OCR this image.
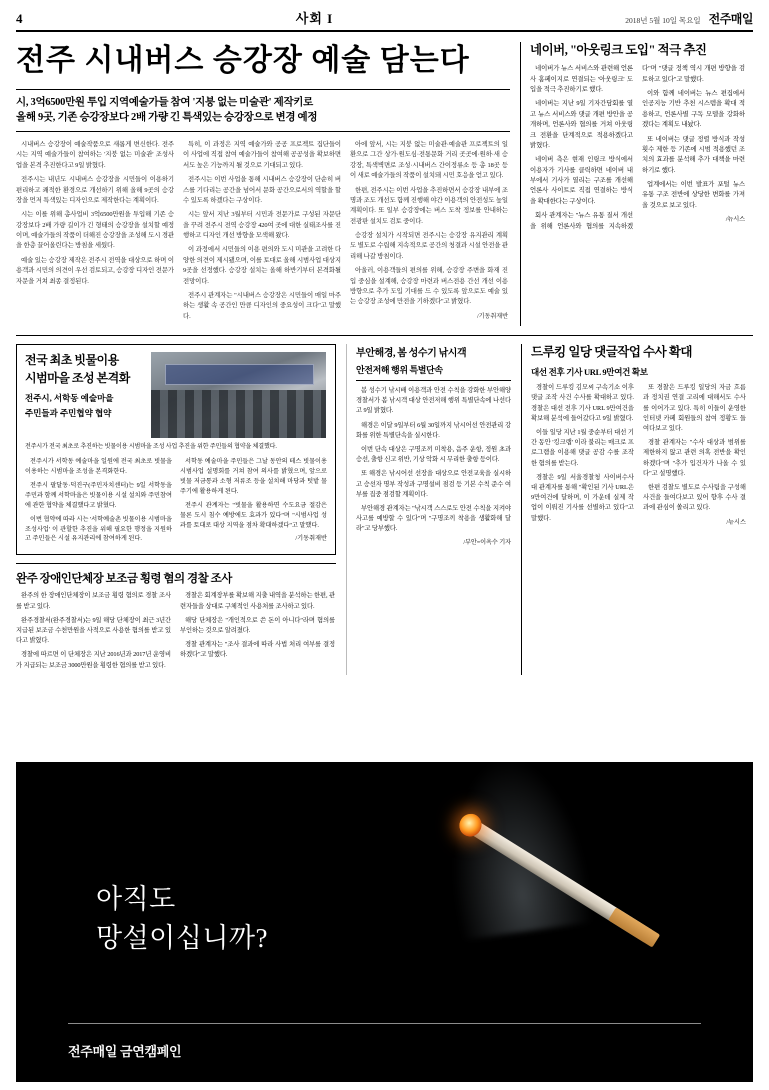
4	사회 I	2018년 5월 10일 목요일 전주매일
전주 시내버스 승강장 예술 담는다
시, 3억6500만원 투입 지역예술가들 참여 '지붕 없는 미술관' 제작키로
올해 9곳, 기존 승강장보다 2배 가량 긴 특색있는 승강장으로 변경 예정

시내버스 승강장이 예술작품으로 새롭게 변신한다. 전주시는 지역 예술가들이 참여하는 '지붕 없는 미술관' 조성사업을 본격 추진한다고 9일 밝혔다.

전주시는 내년도 시내버스 승강장을 시민들이 이용하기 편리하고 쾌적한 환경으로 개선하기 위해 올해 9곳의 승강장을 먼저 특색있는 디자인으로 제작한다는 계획이다.

시는 이를 위해 총사업비 3억6500만원을 투입해 기존 승강장보다 2배 가량 길이가 긴 형태의 승강장을 설치할 예정이며, 예술가들의 작품이 더해진 승강장을 조성해 도시 경관을 한층 끌어올린다는 방침을 세웠다.

예술 있는 승강장 제작은 전주시 전역을 대상으로 하며 이용객과 시민의 의견이 우선 검토되고, 승강장 디자인 전문가 자문을 거쳐 최종 결정된다.

특히, 이 과정은 지역 예술가와 공공 프로젝트 집단들이 이 사업에 직접 참여 예술가들이 참여해 공공성을 확보하면서도 높은 기능까지 될 것으로 기대되고 있다.

전주시는 이번 사업을 통해 시내버스 승강장이 단순히 버스를 기다리는 공간을 넘어서 문화 공간으로서의 역할을 할 수 있도록 하겠다는 구상이다.

시는 앞서 지난 3월부터 시민과 전문가로 구성된 자문단을 꾸려 전주시 전역 승강장 420여 곳에 대한 실태조사를 진행하고 디자인 개선 방향을 모색해 왔다.

이 과정에서 시민들의 이용 편의와 도시 미관을 고려한 다양한 의견이 제시됐으며, 이를 토대로 올해 시범사업 대상지 9곳을 선정했다. 승강장 설치는 올해 하반기부터 본격화될 전망이다.

전주시 관계자는 "시내버스 승강장은 시민들이 매일 마주하는 생활 속 공간인 만큼 디자인의 중요성이 크다"고 말했다.

아에 앞서, 시는 지붕 없는 미술관·예술관 프로젝트의 일환으로 그간 상가·원도심·전통문화 거리 곳곳에·원하·새 승강장, 특색벽면로 조성·시내버스 간이정류소 등 총 18곳 등이 새로 예술가들의 작품이 설치돼 시민 호응을 얻고 있다.

한편, 전주시는 이번 사업을 추진하면서 승강장 내부에 조명과 조도 개선도 함께 진행해 야간 이용객의 안전성도 높일 계획이다. 또 일부 승강장에는 버스 도착 정보를 안내하는 전광판 설치도 검토 중이다.

승강장 설치가 시작되면 전주시는 승강장 유지관리 계획도 별도로 수립해 지속적으로 공간의 청결과 시설 안전을 관리해 나갈 방침이다.

아울러, 이용객들의 편의를 위해, 승강장 주변을 화재 진입 중심을 설계해, 승강장 마련과 버스전용 간선 개선 이용 방향으로 추가 도입 기대를 드 수 있도록 앞으로도 예술 있는 승강장 조성에 만전을 기하겠다"고 밝혔다.

/기동취재반
네이버, "아웃링크 도입" 적극 추진

네이버가 뉴스 서비스와 관련해 언론사 홈페이지로 연결되는 '아웃링크' 도입을 적극 추진하기로 했다.

네이버는 지난 9일 기자간담회를 열고 뉴스 서비스와 댓글 개편 방안을 공개하며, 언론사와 협의를 거쳐 아웃링크 전환을 단계적으로 적용하겠다고 밝혔다.

네이버 측은 현재 인링크 방식에서 이용자가 기사를 클릭하면 네이버 내부에서 기사가 열리는 구조를 개선해 언론사 사이트로 직접 연결하는 방식을 확대한다는 구상이다.

회사 관계자는 "뉴스 유통 질서 개선을 위해 언론사와 협의를 지속하겠다"며 "댓글 정책 역시 개편 방향을 검토하고 있다"고 말했다.

이와 함께 네이버는 뉴스 편집에서 인공지능 기반 추천 시스템을 확대 적용하고, 언론사별 구독 모델을 강화하겠다는 계획도 내놨다.

또 네이버는 댓글 정렬 방식과 작성 횟수 제한 등 기존에 시범 적용했던 조치의 효과를 분석해 추가 대책을 마련하기로 했다.

업계에서는 이번 발표가 포털 뉴스 유통 구조 전반에 상당한 변화를 가져올 것으로 보고 있다.

/뉴시스

전국 최초 빗물이용
시범마을 조성 본격화
전주시, 서학동 예술마을
주민들과 주민협약 협약
전주시가 전국 최초로 추진하는 빗물이용 시범마을 조성 사업 추진을 위한 주민들의 협약을 체결했다.

전주시가 서학동 예술마을 일원에 전국 최초로 빗물을 이용하는 시범마을 조성을 본격화한다.

전주시 팔달동·덕진구(주민자치센터)는 9일 서학동을 주민과 함께 서학마을은 빗물이용 시설 설치와 주민참여에 관한 협약을 체결했다고 밝혔다.

이번 협약에 따라 시는 '서학예술촌 빗물이용 시범마을 조성사업' 이 관할한 추진을 위해 필요한 행정을 지원하고 주민들은 시설 유지관리에 참여하게 된다.

서학동 예술마을 주민들은 그날 동안의 테스 빗물이용 시범사업 설명회를 거쳐 참여 의사를 밝혔으며, 앞으로 빗물 저금통과 소형 저류조 등을 설치해 마당과 텃밭 물주기에 활용하게 된다.

전주시 관계자는 "빗물을 활용하면 수도요금 절감은 물론 도시 침수 예방에도 효과가 있다"며 "시범사업 성과를 토대로 대상 지역을 점차 확대하겠다"고 말했다.

/기동취재반

완주 장애인단체장 보조금 횡령 혐의 경찰 조사

완주의 한 장애인단체장이 보조금 횡령 혐의로 경찰 조사를 받고 있다.

완주경찰서(완주경찰서)는 9일 해당 단체장이 최근 3년간 지급된 보조금 수천만원을 사적으로 사용한 혐의를 받고 있다고 밝혔다.

경찰에 따르면 이 단체장은 지난 2016년과 2017년 운영비가 지급되는 보조금 3000만원을 횡령한 혐의를 받고 있다.

경찰은 회계장부를 확보해 지출 내역을 분석하는 한편, 관련자들을 상대로 구체적인 사용처를 조사하고 있다.

해당 단체장은 "개인적으로 쓴 돈이 아니다"라며 혐의를 부인하는 것으로 알려졌다.

경찰 관계자는 "조사 결과에 따라 사법 처리 여부를 결정하겠다"고 말했다.

부안해경, 봄 성수기 낚시객
안전저해 행위 특별단속

봄 성수기 낚시배 이용객과 안전 수칙을 강화한 부안해양경찰서가 봄 낚시객 대상 안전저해 행위 특별단속에 나선다고 9일 밝혔다.

해경은 이달 9일부터 6월 30일까지 낚시어선 안전관리 강화를 위한 특별단속을 실시한다.

이번 단속 대상은 구명조끼 미착용, 음주 운항, 정원 초과 승선, 출항 신고 위반, 기상 악화 시 무리한 출항 등이다.

또 해경은 낚시어선 선장을 대상으로 안전교육을 실시하고 승선자 명부 작성과 구명설비 점검 등 기본 수칙 준수 여부를 집중 점검할 계획이다.

부안해경 관계자는 "낚시객 스스로도 안전 수칙을 지켜야 사고를 예방할 수 있다"며 "구명조끼 착용을 생활화해 달라"고 당부했다.

/부안=이옥수 기자

드루킹 일당 댓글작업 수사 확대
대선 전후 기사 URL 9만여건 확보

경찰이 드루킹 김모씨 구속기소 이후 댓글 조작 사건 수사를 확대하고 있다. 경찰은 대선 전후 기사 URL 9만여건을 확보해 분석에 들어갔다고 9일 밝혔다.

이들 일당 지난 1월 중순부터 대선 기간 동안 '킹크랩' 이라 불리는 매크로 프로그램을 이용해 댓글 공감 수를 조작한 혐의를 받는다.

경찰은 9일 서울경찰청 사이버수사대 관계자를 통해 "확인된 기사 URL은 9만여건에 달하며, 이 가운데 실제 작업이 이뤄진 기사를 선별하고 있다"고 말했다.

또 경찰은 드루킹 일당의 자금 흐름과 정치권 연결 고리에 대해서도 수사를 이어가고 있다. 특히 이들이 운영한 인터넷 카페 회원들의 참여 정황도 들여다보고 있다.

경찰 관계자는 "수사 대상과 범위를 제한하지 않고 관련 의혹 전반을 확인하겠다"며 "추가 입건자가 나올 수 있다"고 설명했다.

한편 검찰도 별도로 수사팀을 구성해 사건을 들여다보고 있어 향후 수사 결과에 관심이 쏠리고 있다.

/뉴시스

아직도
망설이십니까?
전주매일 금연캠페인
